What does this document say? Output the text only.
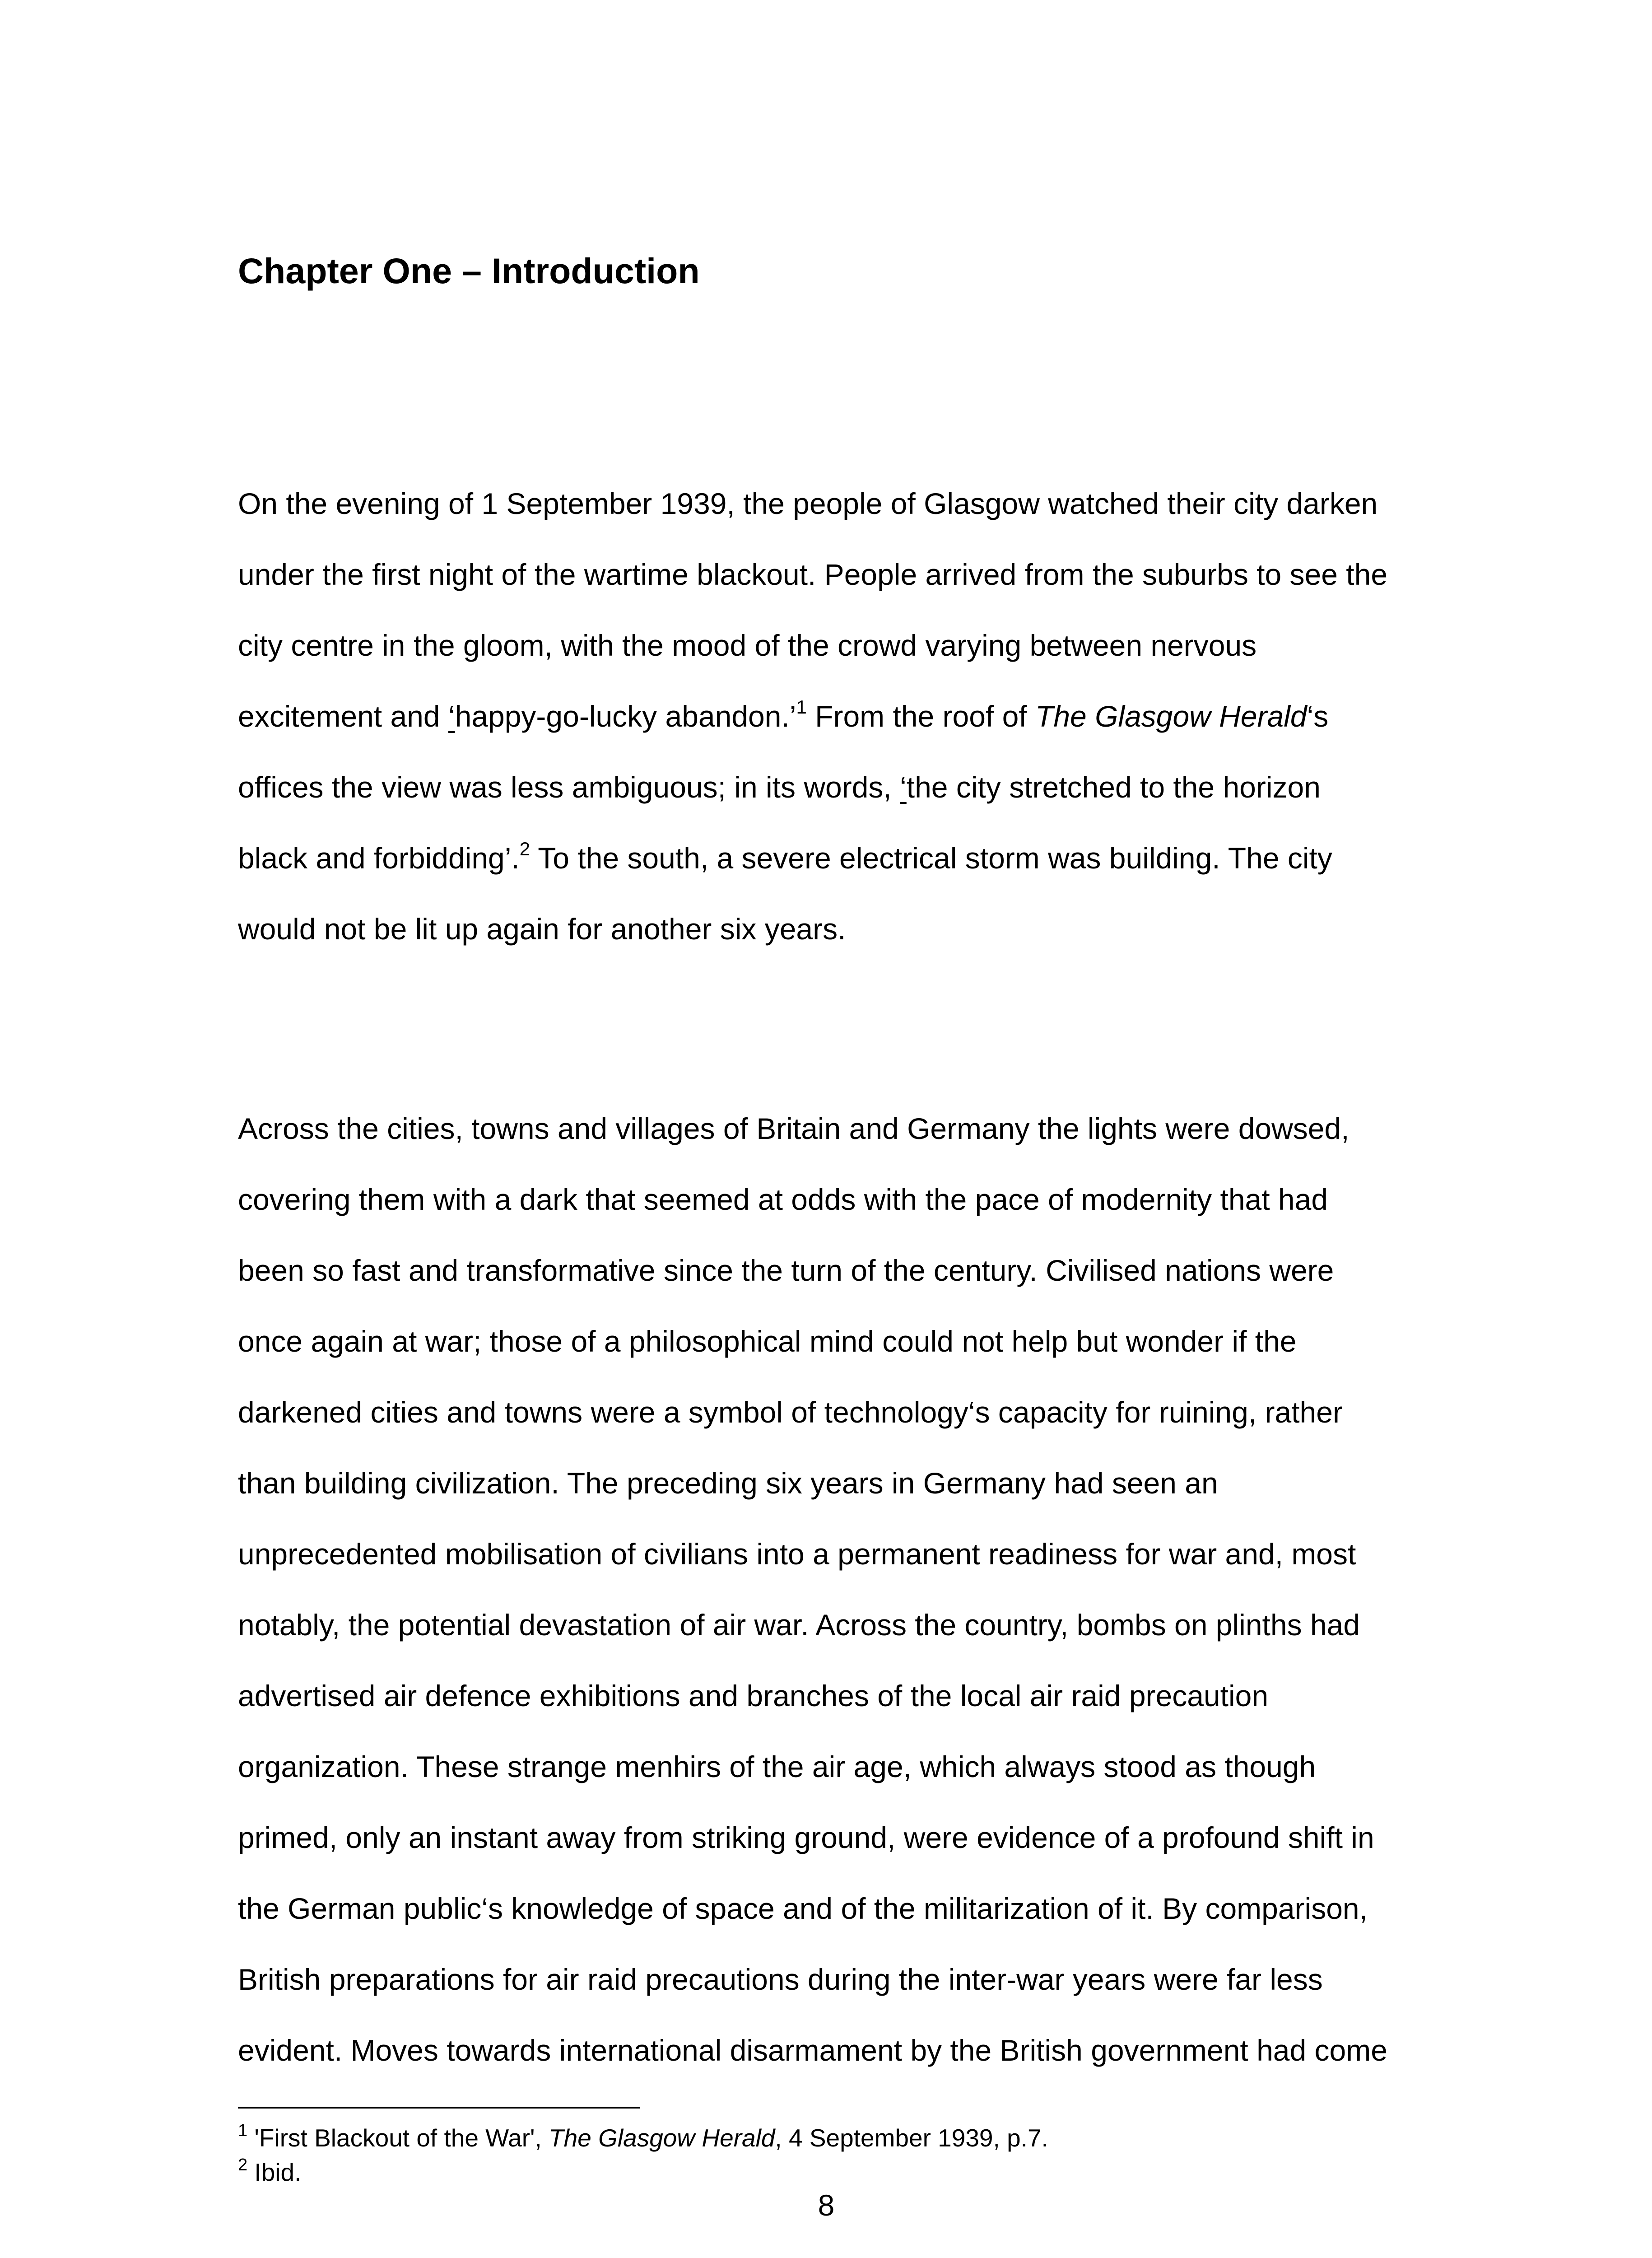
Chapter One – Introduction
On the evening of 1 September 1939, the people of Glasgow watched their city darken
under the first night of the wartime blackout. People arrived from the suburbs to see the
city centre in the gloom, with the mood of the crowd varying between nervous
excitement and ‘happy-go-lucky abandon.’$^1$ From the roof of The Glasgow Herald‘s
offices the view was less ambiguous; in its words, ‘the city stretched to the horizon
black and forbidding’.$^2$ To the south, a severe electrical storm was building. The city
would not be lit up again for another six years.
Across the cities, towns and villages of Britain and Germany the lights were dowsed,
covering them with a dark that seemed at odds with the pace of modernity that had
been so fast and transformative since the turn of the century. Civilised nations were
once again at war; those of a philosophical mind could not help but wonder if the
darkened cities and towns were a symbol of technology‘s capacity for ruining, rather
than building civilization. The preceding six years in Germany had seen an
unprecedented mobilisation of civilians into a permanent readiness for war and, most
notably, the potential devastation of air war. Across the country, bombs on plinths had
advertised air defence exhibitions and branches of the local air raid precaution
organization. These strange menhirs of the air age, which always stood as though
primed, only an instant away from striking ground, were evidence of a profound shift in
the German public‘s knowledge of space and of the militarization of it. By comparison,
British preparations for air raid precautions during the inter-war years were far less
evident. Moves towards international disarmament by the British government had come
$^1$ 'First Blackout of the War', The Glasgow Herald, 4 September 1939, p.7.
$^2$ Ibid.
8
